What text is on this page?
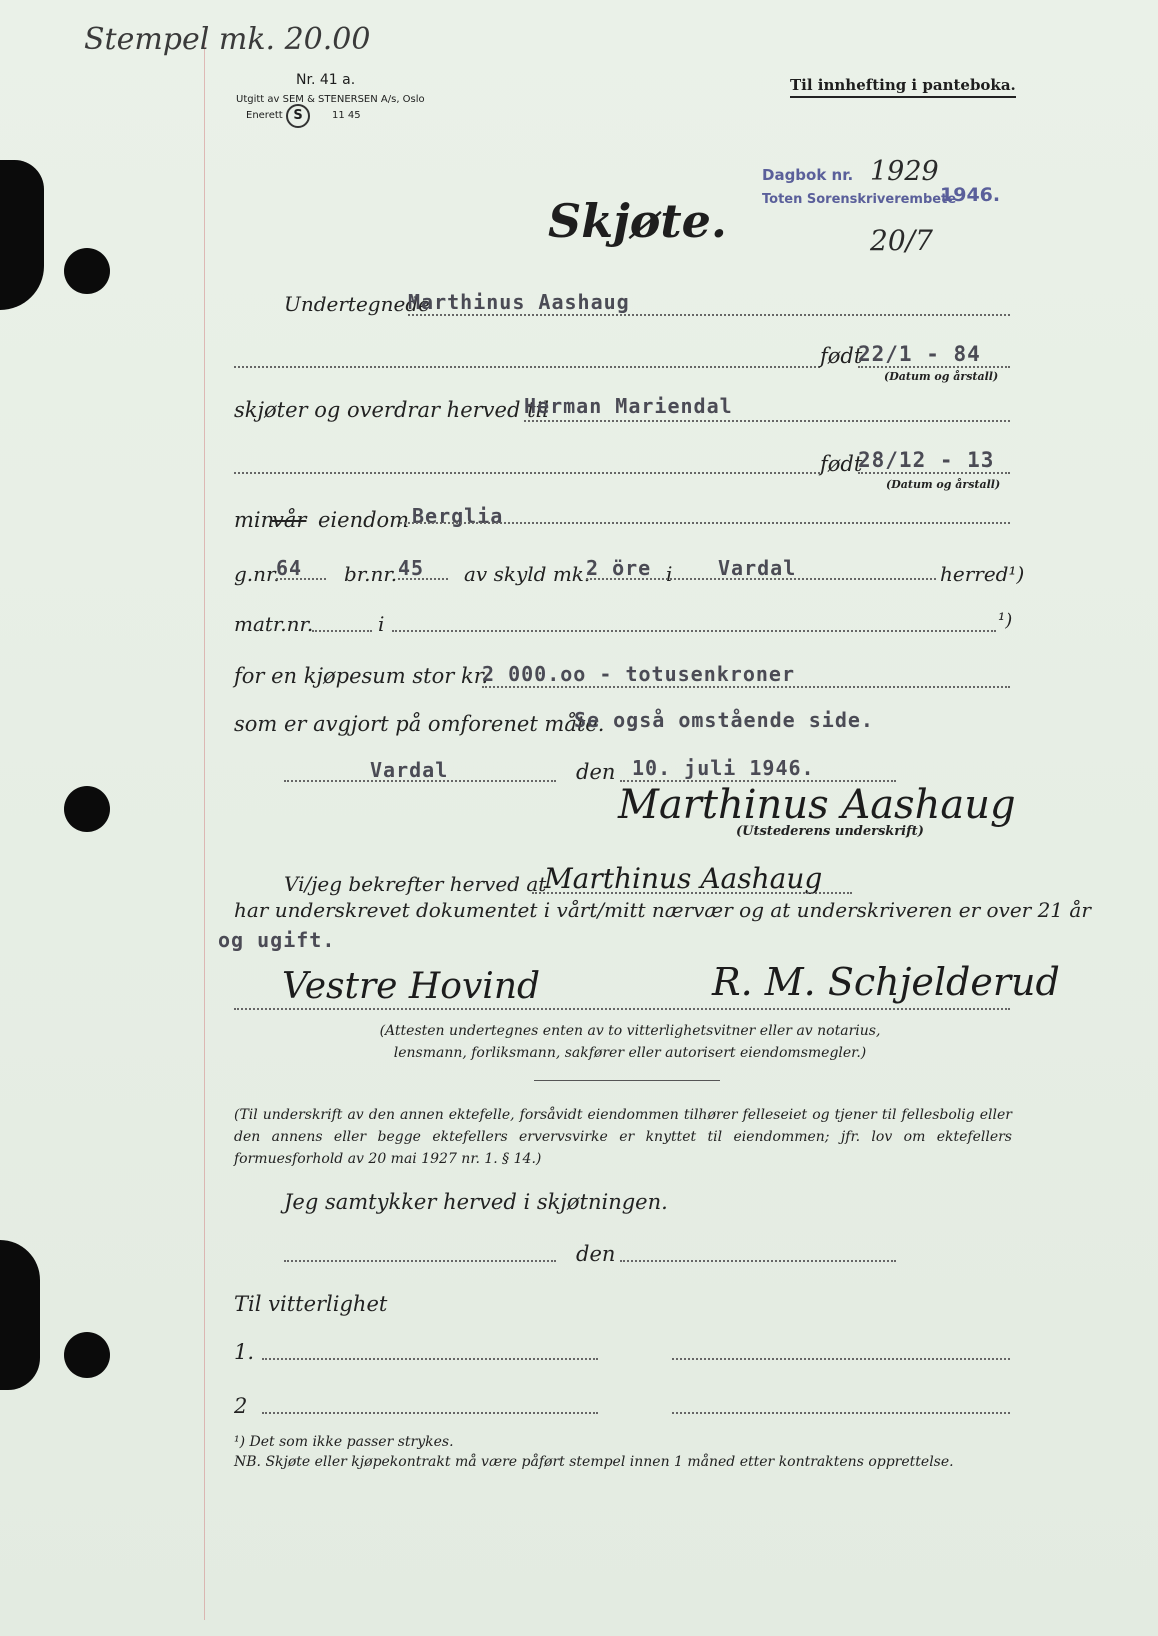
Stempel mk. 20.00
Nr. 41 a.
Utgitt av SEM & STENERSEN A/s, Oslo
Enerett S	11 45
Til innhefting i panteboka.
Dagbok nr. 1929
1946.
Toten Sorenskriverembete
20/7
Skjøte.
Undertegnede
Marthinus Aashaug
født
22/1 - 84
(Datum og årstall)
skjøter og overdrar herved til
Herman Mariendal
født
28/12 - 13
(Datum og årstall)
min
vår eiendom Berglia
g.nr.
64 br.nr. 45 av skyld mk.
2 öre i Vardal	herred¹)
matr.nr.	i	¹)
for en kjøpesum stor kr.
2 000.oo - totusenkroner
som er avgjort på omforenet måte.
Se også omstående side.
Vardal	den 10. juli 1946.
Marthinus Aashaug
(Utstederens underskrift)
Vi/jeg bekrefter herved at
Marthinus Aashaug
har underskrevet dokumentet i vårt/mitt nærvær og at underskriveren er over 21 år
og ugift.
Vestre Hovind	R. M. Schjelderud
(Attesten undertegnes enten av to vitterlighetsvitner eller av notarius, lensmann, forliksmann, sakfører eller autorisert eiendomsmegler.)
(Til underskrift av den annen ektefelle, forsåvidt eiendommen tilhører felleseiet og tjener til fellesbolig eller den annens eller begge ektefellers ervervsvirke er knyttet til eiendommen; jfr. lov om ektefellers formuesforhold av 20 mai 1927 nr. 1. § 14.)
Jeg samtykker herved i skjøtningen.
den
Til vitterlighet
1.
2
¹) Det som ikke passer strykes.
NB. Skjøte eller kjøpekontrakt må være påført stempel innen 1 måned etter kontraktens opprettelse.
